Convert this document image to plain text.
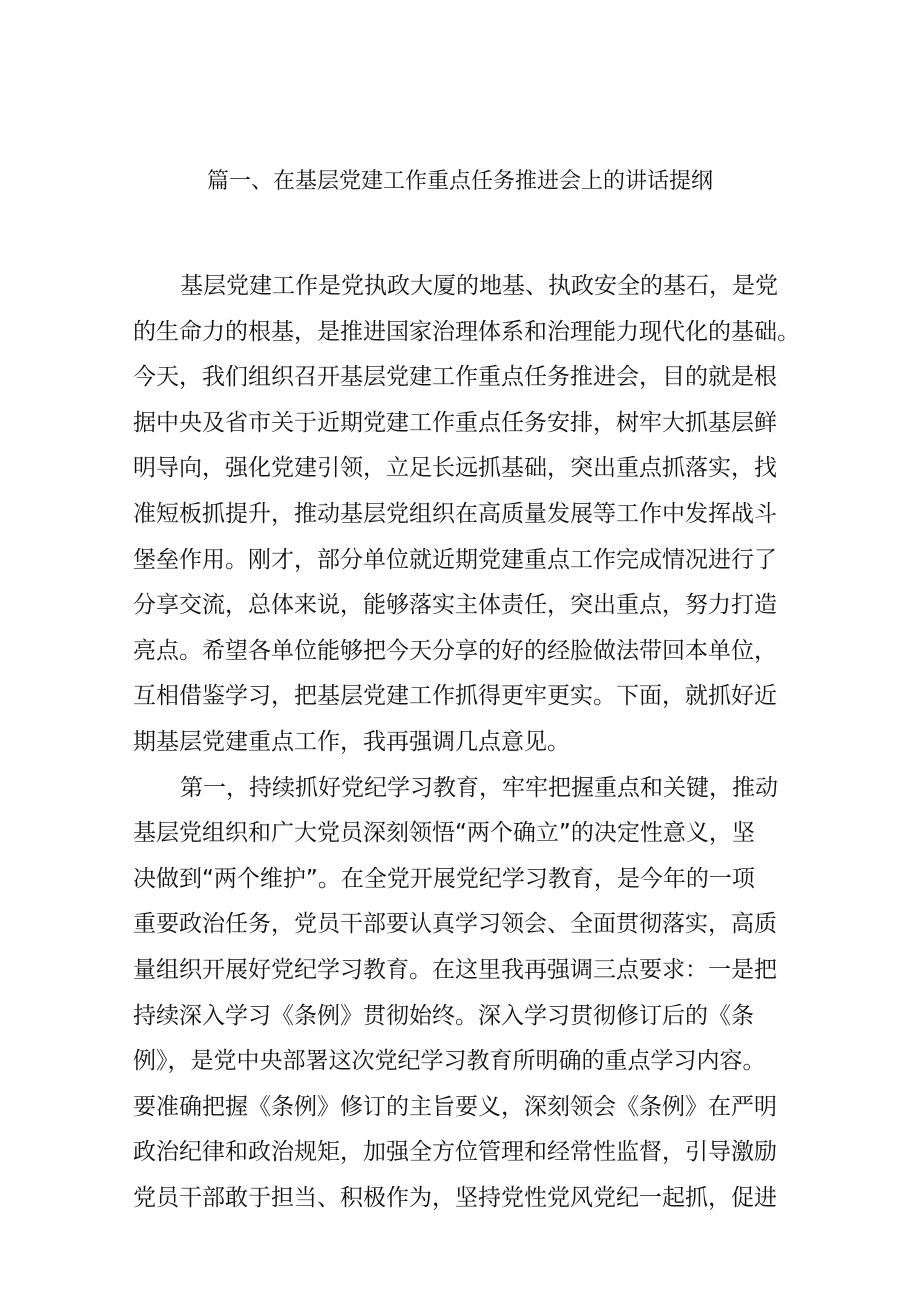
篇一、在基层党建工作重点任务推进会上的讲话提纲
基层党建工作是党执政大厦的地基、执政安全的基石，是党
的生命力的根基，是推进国家治理体系和治理能力现代化的基础。
今天，我们组织召开基层党建工作重点任务推进会，目的就是根
据中央及省市关于近期党建工作重点任务安排，树牢大抓基层鲜
明导向，强化党建引领，立足长远抓基础，突出重点抓落实，找
准短板抓提升，推动基层党组织在高质量发展等工作中发挥战斗
堡垒作用。刚才，部分单位就近期党建重点工作完成情况进行了
分享交流，总体来说，能够落实主体责任，突出重点，努力打造
亮点。希望各单位能够把今天分享的好的经脸做法带回本单位，
互相借鉴学习，把基层党建工作抓得更牢更实。下面，就抓好近
期基层党建重点工作，我再强调几点意见。
第一，持续抓好党纪学习教育，牢牢把握重点和关键，推动
基层党组织和广大党员深刻领悟“两个确立”的决定性意义，坚
决做到“两个维护”。在全党开展党纪学习教育，是今年的一项
重要政治任务，党员干部要认真学习领会、全面贯彻落实，高质
量组织开展好党纪学习教育。在这里我再强调三点要求：一是把
持续深入学习《条例》贯彻始终。深入学习贯彻修订后的《条
例》，是党中央部署这次党纪学习教育所明确的重点学习内容。
要准确把握《条例》修订的主旨要义，深刻领会《条例》在严明
政治纪律和政治规矩，加强全方位管理和经常性监督，引导激励
党员干部敢于担当、积极作为，坚持党性党风党纪一起抓，促进
